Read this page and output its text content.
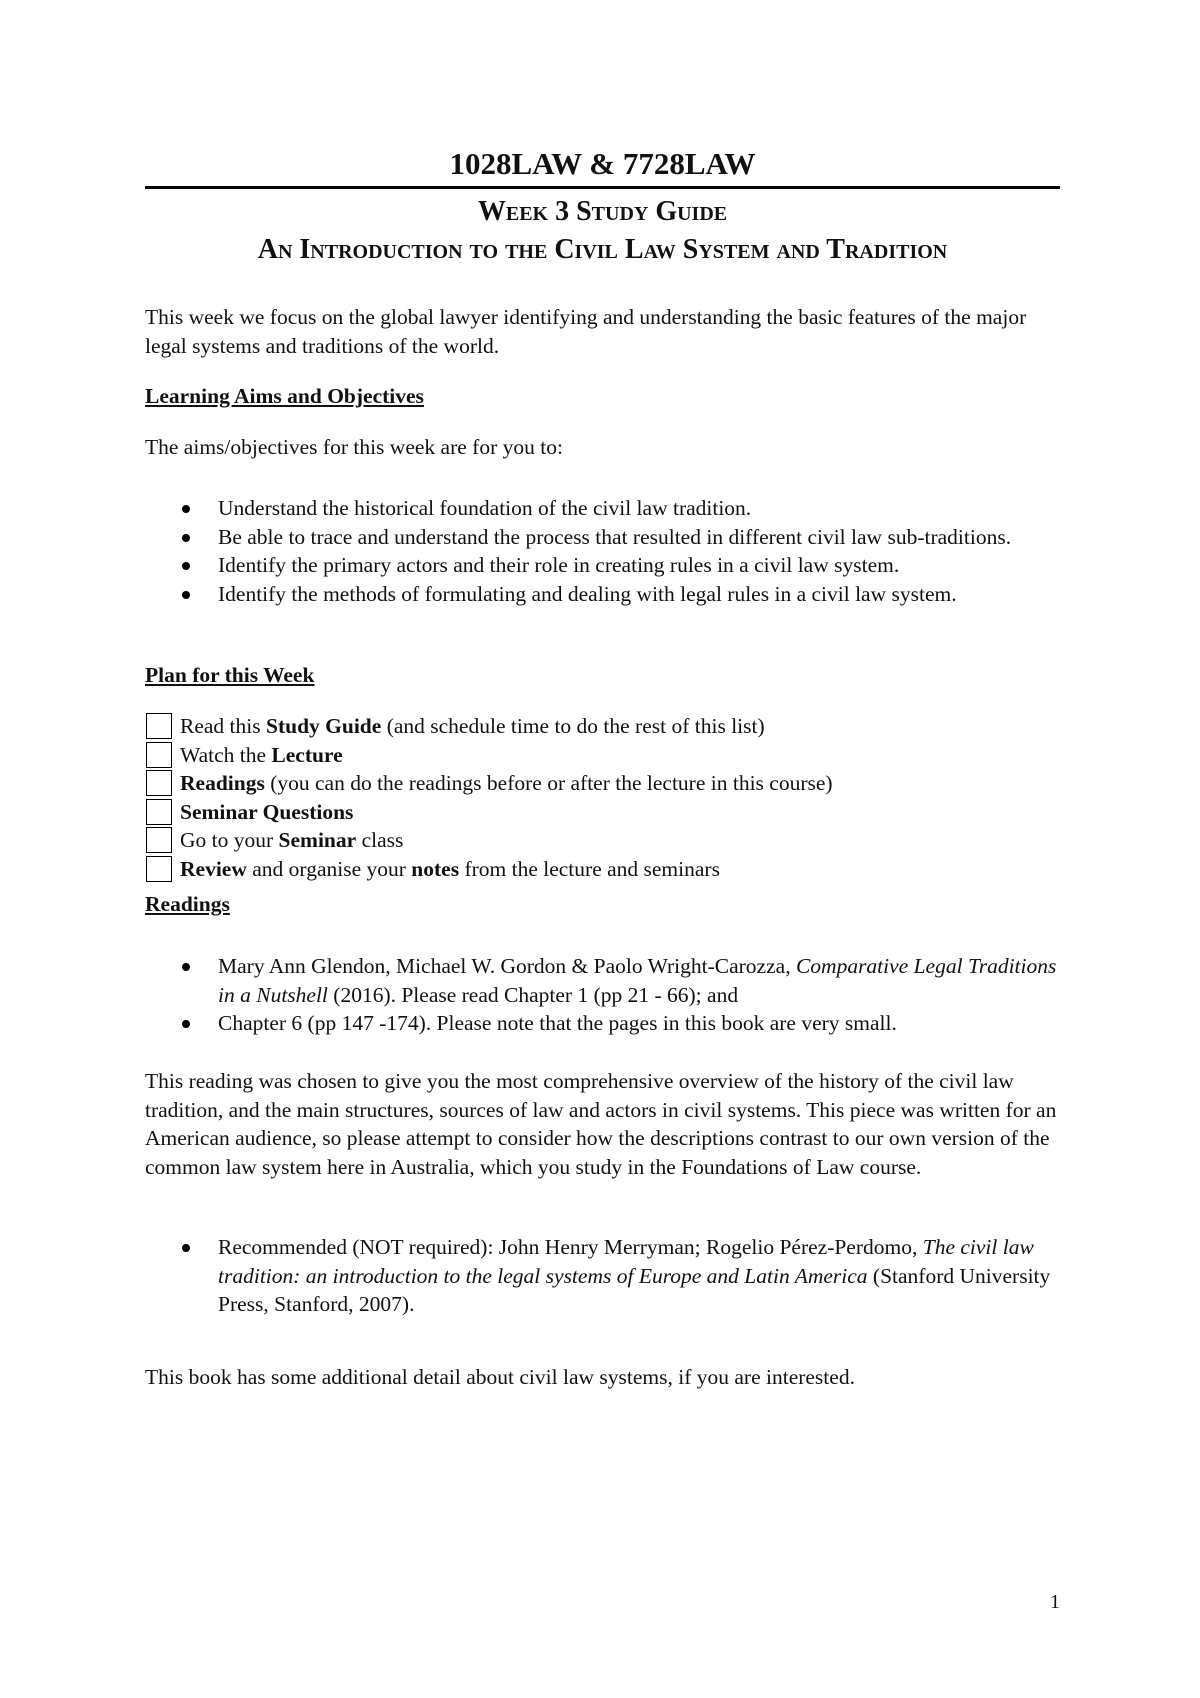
1028LAW & 7728LAW
Week 3 Study Guide
An Introduction to the Civil Law System and Tradition
This week we focus on the global lawyer identifying and understanding the basic features of the major legal systems and traditions of the world.
Learning Aims and Objectives
The aims/objectives for this week are for you to:
Understand the historical foundation of the civil law tradition.
Be able to trace and understand the process that resulted in different civil law sub-traditions.
Identify the primary actors and their role in creating rules in a civil law system.
Identify the methods of formulating and dealing with legal rules in a civil law system.
Plan for this Week
Read this Study Guide (and schedule time to do the rest of this list)
Watch the Lecture
Readings (you can do the readings before or after the lecture in this course)
Seminar Questions
Go to your Seminar class
Review and organise your notes from the lecture and seminars
Readings
Mary Ann Glendon, Michael W. Gordon & Paolo Wright-Carozza, Comparative Legal Traditions in a Nutshell (2016). Please read Chapter 1 (pp 21 - 66); and
Chapter 6 (pp 147 -174). Please note that the pages in this book are very small.
This reading was chosen to give you the most comprehensive overview of the history of the civil law tradition, and the main structures, sources of law and actors in civil systems. This piece was written for an American audience, so please attempt to consider how the descriptions contrast to our own version of the common law system here in Australia, which you study in the Foundations of Law course.
Recommended (NOT required): John Henry Merryman; Rogelio Pérez-Perdomo, The civil law tradition: an introduction to the legal systems of Europe and Latin America (Stanford University Press, Stanford, 2007).
This book has some additional detail about civil law systems, if you are interested.
1
